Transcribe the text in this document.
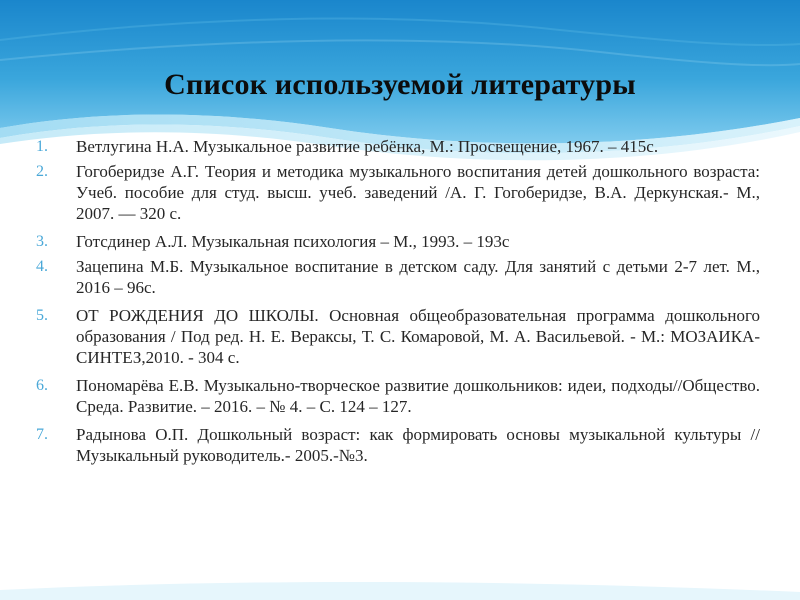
Список используемой литературы
1.	Ветлугина Н.А. Музыкальное развитие ребёнка, М.: Просвещение, 1967. – 415с.
2.	Гогоберидзе А.Г. Теория и методика музыкального воспитания детей дошкольного возраста: Учеб. пособие для студ. высш. учеб. заведений /А. Г. Гогоберидзе, В.А. Деркунская.- М., 2007. — 320 с.
3.	Готсдинер А.Л. Музыкальная психология – М., 1993. – 193с
4.	Зацепина М.Б. Музыкальное воспитание в детском саду. Для занятий с детьми 2-7 лет. М., 2016 – 96с.
5.	ОТ РОЖДЕНИЯ ДО ШКОЛЫ. Основная общеобразовательная программа дошкольного образования / Под ред. Н. Е. Вераксы, Т. С. Комаровой, М. А. Васильевой. - М.: МОЗАИКА-СИНТЕЗ,2010. - 304 с.
6.	Пономарёва Е.В. Музыкально-творческое развитие дошкольников: идеи, подходы//Общество. Среда. Развитие. – 2016. – № 4. – С. 124 – 127.
7.	Радынова О.П. Дошкольный возраст: как формировать основы музыкальной культуры //Музыкальный руководитель.- 2005.-№3.
